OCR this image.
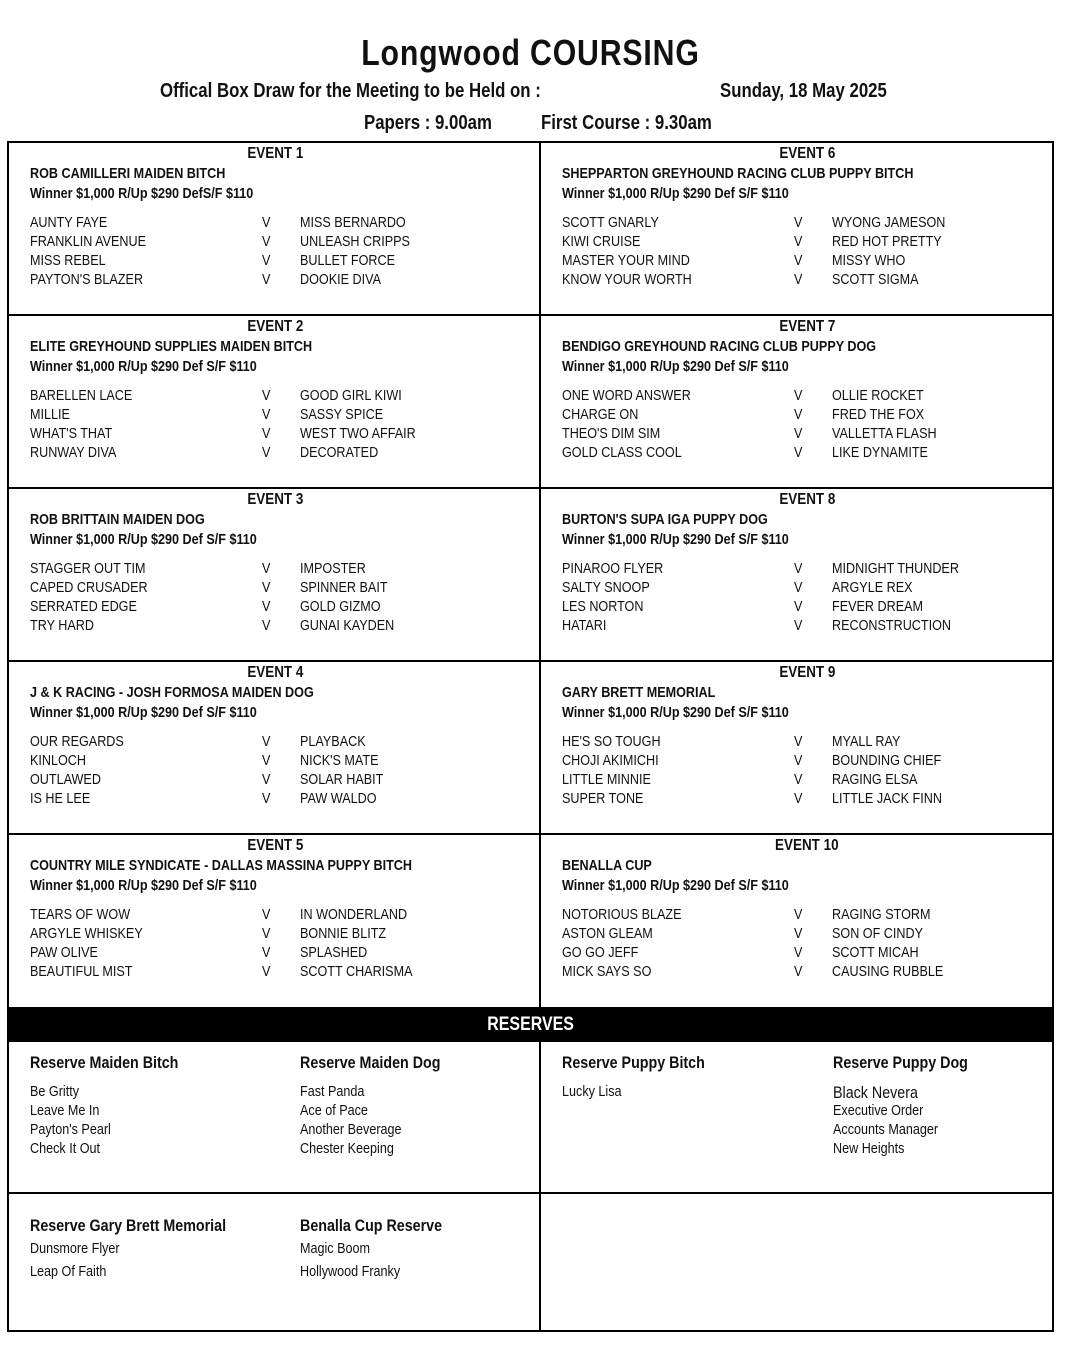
Longwood COURSING
Offical Box Draw for the Meeting to be Held on :	Sunday, 18 May 2025
Papers : 9.00am	First Course : 9.30am
EVENT 1
ROB CAMILLERI MAIDEN BITCH
Winner $1,000 R/Up $290 DefS/F $110
AUNTY FAYE	V MISS BERNARDO
FRANKLIN AVENUE	V UNLEASH CRIPPS
MISS REBEL	V BULLET FORCE
PAYTON'S BLAZER	V DOOKIE DIVA
EVENT 2
ELITE GREYHOUND SUPPLIES MAIDEN BITCH
Winner $1,000 R/Up $290 Def S/F $110
BARELLEN LACE	V GOOD GIRL KIWI
MILLIE	V SASSY SPICE
WHAT'S THAT	V WEST TWO AFFAIR
RUNWAY DIVA	V DECORATED
EVENT 3
ROB BRITTAIN MAIDEN DOG
Winner $1,000 R/Up $290 Def S/F $110
STAGGER OUT TIM	V IMPOSTER
CAPED CRUSADER	V SPINNER BAIT
SERRATED EDGE	V GOLD GIZMO
TRY HARD	V GUNAI KAYDEN
EVENT 4
J & K RACING - JOSH FORMOSA MAIDEN DOG
Winner $1,000 R/Up $290 Def S/F $110
OUR REGARDS	V PLAYBACK
KINLOCH	V NICK'S MATE
OUTLAWED	V SOLAR HABIT
IS HE LEE	V PAW WALDO
EVENT 5
COUNTRY MILE SYNDICATE - DALLAS MASSINA PUPPY BITCH
Winner $1,000 R/Up $290 Def S/F $110
TEARS OF WOW	V IN WONDERLAND
ARGYLE WHISKEY	V BONNIE BLITZ
PAW OLIVE	V SPLASHED
BEAUTIFUL MIST	V SCOTT CHARISMA
EVENT 6
SHEPPARTON GREYHOUND RACING CLUB PUPPY BITCH
Winner $1,000 R/Up $290 Def S/F $110
SCOTT GNARLY	V WYONG JAMESON
KIWI CRUISE	V RED HOT PRETTY
MASTER YOUR MIND	V MISSY WHO
KNOW YOUR WORTH	V SCOTT SIGMA
EVENT 7
BENDIGO GREYHOUND RACING CLUB PUPPY DOG
Winner $1,000 R/Up $290 Def S/F $110
ONE WORD ANSWER	V OLLIE ROCKET
CHARGE ON	V FRED THE FOX
THEO'S DIM SIM	V VALLETTA FLASH
GOLD CLASS COOL	V LIKE DYNAMITE
EVENT 8
BURTON'S SUPA IGA PUPPY DOG
Winner $1,000 R/Up $290 Def S/F $110
PINAROO FLYER	V MIDNIGHT THUNDER
SALTY SNOOP	V ARGYLE REX
LES NORTON	V FEVER DREAM
HATARI	V RECONSTRUCTION
EVENT 9
GARY BRETT MEMORIAL
Winner $1,000 R/Up $290 Def S/F $110
HE'S SO TOUGH	V MYALL RAY
CHOJI AKIMICHI	V BOUNDING CHIEF
LITTLE MINNIE	V RAGING ELSA
SUPER TONE	V LITTLE JACK FINN
EVENT 10
BENALLA CUP
Winner $1,000 R/Up $290 Def S/F $110
NOTORIOUS BLAZE	V RAGING STORM
ASTON GLEAM	V SON OF CINDY
GO GO JEFF	V SCOTT MICAH
MICK SAYS SO	V CAUSING RUBBLE
RESERVES
Reserve Maiden Bitch
Be Gritty
Leave Me In
Payton's Pearl
Check It Out
Reserve Maiden Dog
Fast Panda
Ace of Pace
Another Beverage
Chester Keeping
Reserve Puppy Bitch
Lucky Lisa
Reserve Puppy Dog
Black Nevera
Executive Order
Accounts Manager
New Heights
Reserve Gary Brett Memorial
Dunsmore Flyer
Leap Of Faith
Benalla Cup Reserve
Magic Boom
Hollywood Franky
